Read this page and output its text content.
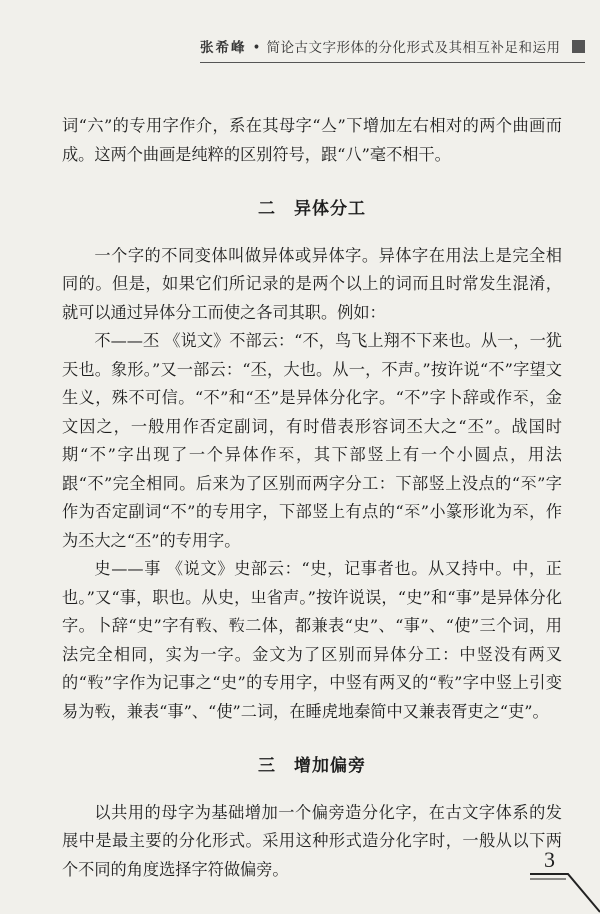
张希峰 • 简论古文字形体的分化形式及其相互补足和运用

词“六”的专用字作介，系在其母字“亼”下增加左右相对的两个曲画而成。这两个曲画是纯粹的区别符号，跟“八”毫不相干。

二 异体分工

一个字的不同变体叫做异体或异体字。异体字在用法上是完全相同的。但是，如果它们所记录的是两个以上的词而且时常发生混淆，就可以通过异体分工而使之各司其职。例如：

不——丕 《说文》不部云：“不，鸟飞上翔不下来也。从一，一犹天也。象形。”又一部云：“丕，大也。从一，不声。”按许说“不”字望文生义，殊不可信。“不”和“丕”是异体分化字。“不”字卜辞或作𠀚，金文因之，一般用作否定副词，有时借表形容词丕大之“丕”。战国时期“不”字出现了一个异体作𠀚，其下部竖上有一个小圆点，用法跟“不”完全相同。后来为了区别而两字分工：下部竖上没点的“𠀚”字作为否定副词“不”的专用字，下部竖上有点的“𠀚”小篆形讹为𠀚，作为丕大之“丕”的专用字。

史——事 《说文》史部云：“史，记事者也。从又持中。中，正也。”又“事，职也。从史，㞢省声。”按许说误，“史”和“事”是异体分化字。卜辞“史”字有𠭕、𠭕二体，都兼表“史”、“事”、“使”三个词，用法完全相同，实为一字。金文为了区别而异体分工：中竖没有两叉的“𠭕”字作为记事之“史”的专用字，中竖有两叉的“𠭕”字中竖上引变易为𠭕，兼表“事”、“使”二词，在睡虎地秦简中又兼表胥吏之“吏”。

三 增加偏旁

以共用的母字为基础增加一个偏旁造分化字，在古文字体系的发展中是最主要的分化形式。采用这种形式造分化字时，一般从以下两个不同的角度选择字符做偏旁。	3
